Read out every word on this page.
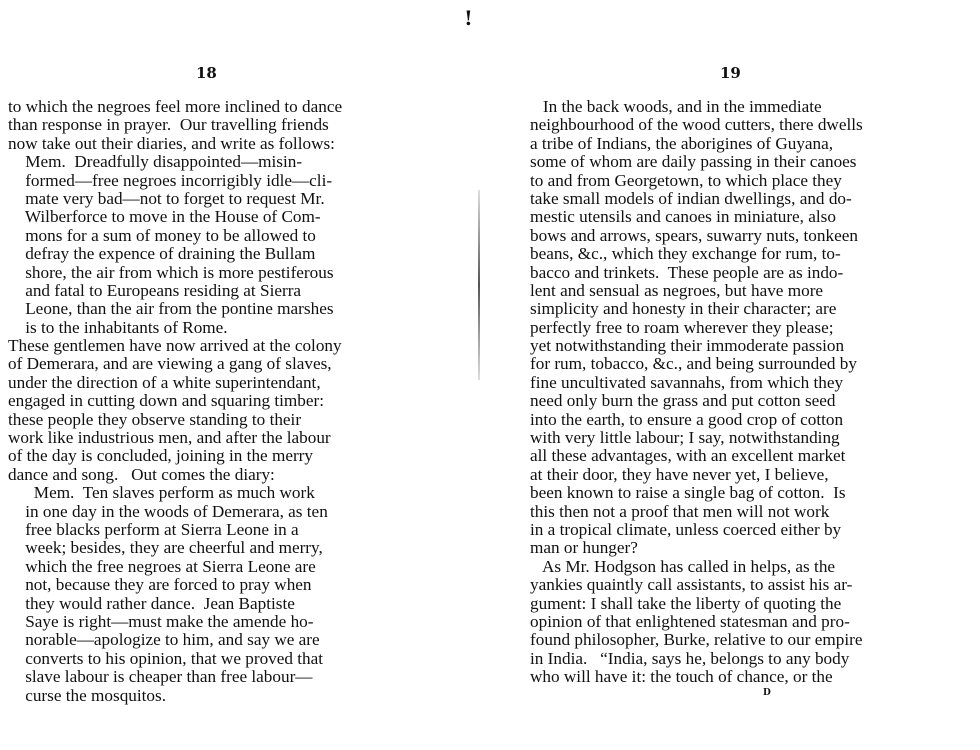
18
to which the negroes feel more inclined to dance
than response in prayer.  Our travelling friends
now take out their diaries, and write as follows:
Mem.  Dreadfully disappointed—misin-
formed—free negroes incorrigibly idle—cli-
mate very bad—not to forget to request Mr.
Wilberforce to move in the House of Com-
mons for a sum of money to be allowed to
defray the expence of draining the Bullam
shore, the air from which is more pestiferous
and fatal to Europeans residing at Sierra
Leone, than the air from the pontine marshes
is to the inhabitants of Rome.
These gentlemen have now arrived at the colony
of Demerara, and are viewing a gang of slaves,
under the direction of a white superintendant,
engaged in cutting down and squaring timber:
these people they observe standing to their
work like industrious men, and after the labour
of the day is concluded, joining in the merry
dance and song.   Out comes the diary:
Mem.  Ten slaves perform as much work
in one day in the woods of Demerara, as ten
free blacks perform at Sierra Leone in a
week; besides, they are cheerful and merry,
which the free negroes at Sierra Leone are
not, because they are forced to pray when
they would rather dance.  Jean Baptiste
Saye is right—must make the amende ho-
norable—apologize to him, and say we are
converts to his opinion, that we proved that
slave labour is cheaper than free labour—
curse the mosquitos.
!
19
In the back woods, and in the immediate
neighbourhood of the wood cutters, there dwells
a tribe of Indians, the aborigines of Guyana,
some of whom are daily passing in their canoes
to and from Georgetown, to which place they
take small models of indian dwellings, and do-
mestic utensils and canoes in miniature, also
bows and arrows, spears, suwarry nuts, tonkeen
beans, &c., which they exchange for rum, to-
bacco and trinkets.  These people are as indo-
lent and sensual as negroes, but have more
simplicity and honesty in their character; are
perfectly free to roam wherever they please;
yet notwithstanding their immoderate passion
for rum, tobacco, &c., and being surrounded by
fine uncultivated savannahs, from which they
need only burn the grass and put cotton seed
into the earth, to ensure a good crop of cotton
with very little labour; I say, notwithstanding
all these advantages, with an excellent market
at their door, they have never yet, I believe,
been known to raise a single bag of cotton.  Is
this then not a proof that men will not work
in a tropical climate, unless coerced either by
man or hunger?
As Mr. Hodgson has called in helps, as the
yankies quaintly call assistants, to assist his ar-
gument: I shall take the liberty of quoting the
opinion of that enlightened statesman and pro-
found philosopher, Burke, relative to our empire
in India.   “India, says he, belongs to any body
who will have it: the touch of chance, or the
D
